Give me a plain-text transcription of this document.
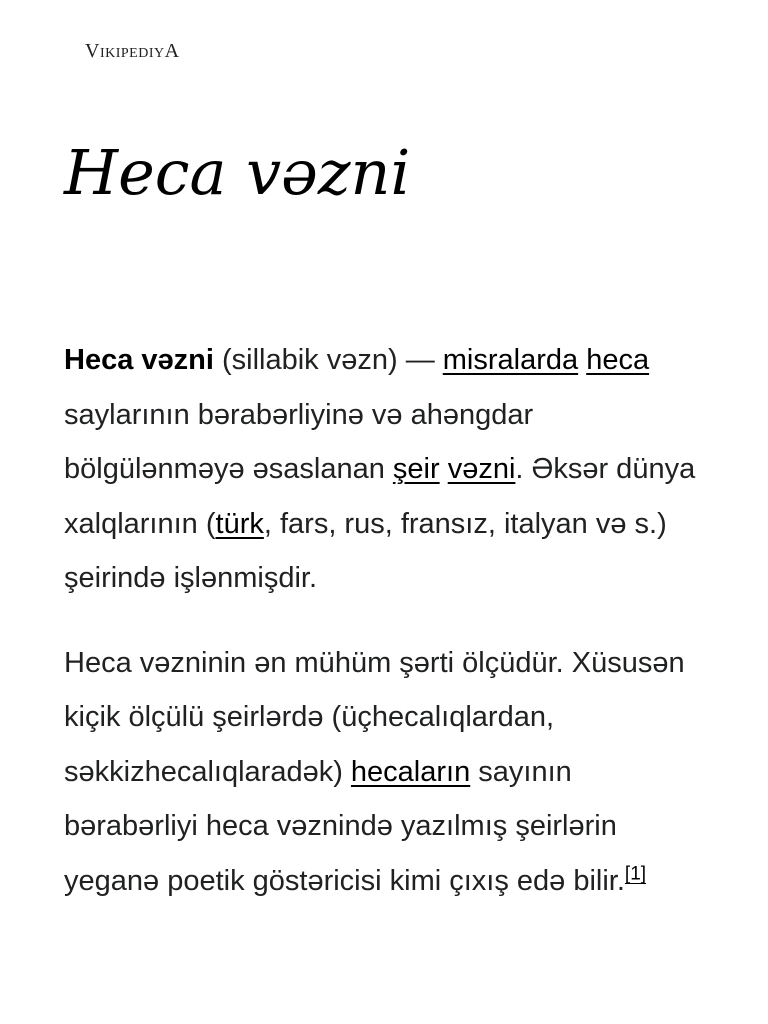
VikipediyA
Heca vəzni

Heca vəzni (sillabik vəzn) — misralarda heca saylarının bərabərliyinə və ahəngdar bölgülənməyə əsaslanan şeir vəzni. Əksər dünya xalqlarının (türk, fars, rus, fransız, italyan və s.) şeirində işlənmişdir.

Heca vəzninin ən mühüm şərti ölçüdür. Xüsusən kiçik ölçülü şeirlərdə (üçhecalıqlardan, səkkizhecalıqlaradək) hecaların sayının bərabərliyi heca vəznində yazılmış şeirlərin yeganə poetik göstəricisi kimi çıxış edə bilir.[1]
